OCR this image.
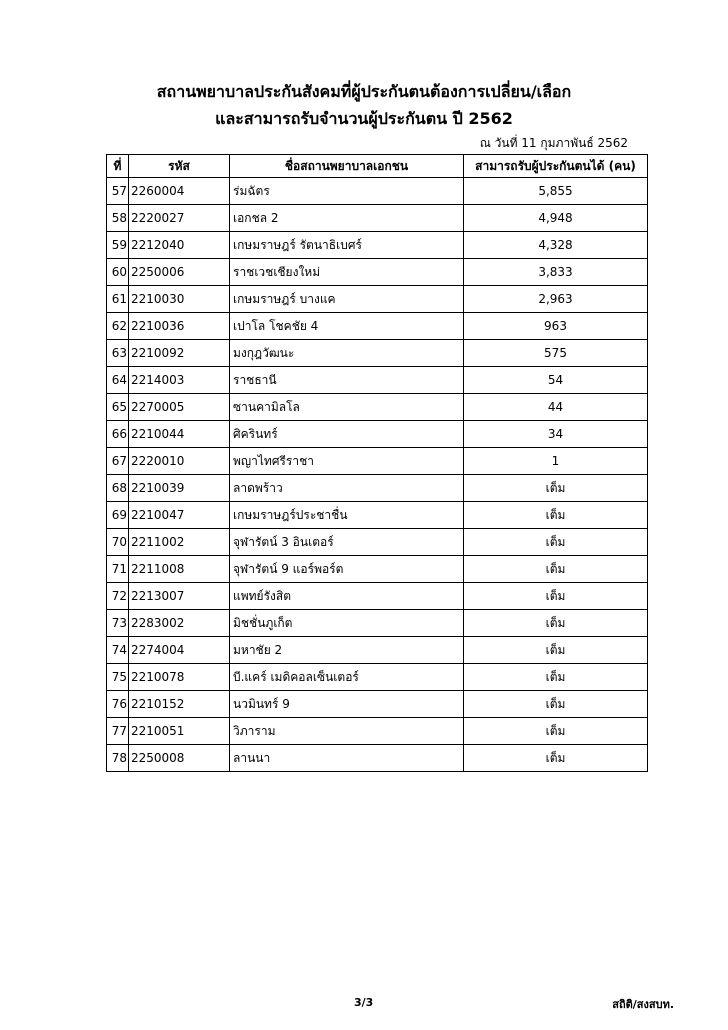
สถานพยาบาลประกันสังคมที่ผู้ประกันตนต้องการเปลี่ยน/เลือก
และสามารถรับจำนวนผู้ประกันตน ปี 2562
ณ วันที่ 11 กุมภาพันธ์ 2562
ที่	รหัส	ชื่อสถานพยาบาลเอกชน	สามารถรับผู้ประกันตนได้ (คน)
57	2260004	ร่มฉัตร	5,855
58	2220027	เอกชล 2	4,948
59	2212040	เกษมราษฎร์ รัตนาธิเบศร์	4,328
60	2250006	ราชเวชเชียงใหม่	3,833
61	2210030	เกษมราษฎร์ บางแค	2,963
62	2210036	เปาโล โชคชัย 4	963
63	2210092	มงกุฎวัฒนะ	575
64	2214003	ราชธานี	54
65	2270005	ซานคามิลโล	44
66	2210044	ศิครินทร์	34
67	2220010	พญาไทศรีราชา	1
68	2210039	ลาดพร้าว	เต็ม
69	2210047	เกษมราษฎร์ประชาชื่น	เต็ม
70	2211002	จุฬารัตน์ 3 อินเตอร์	เต็ม
71	2211008	จุฬารัตน์ 9 แอร์พอร์ต	เต็ม
72	2213007	แพทย์รังสิต	เต็ม
73	2283002	มิชชั่นภูเก็ต	เต็ม
74	2274004	มหาชัย 2	เต็ม
75	2210078	บี.แคร์ เมดิคอลเซ็นเตอร์	เต็ม
76	2210152	นวมินทร์ 9	เต็ม
77	2210051	วิภาราม	เต็ม
78	2250008	ลานนา	เต็ม
3/3	สถิติ/สงสบท.
